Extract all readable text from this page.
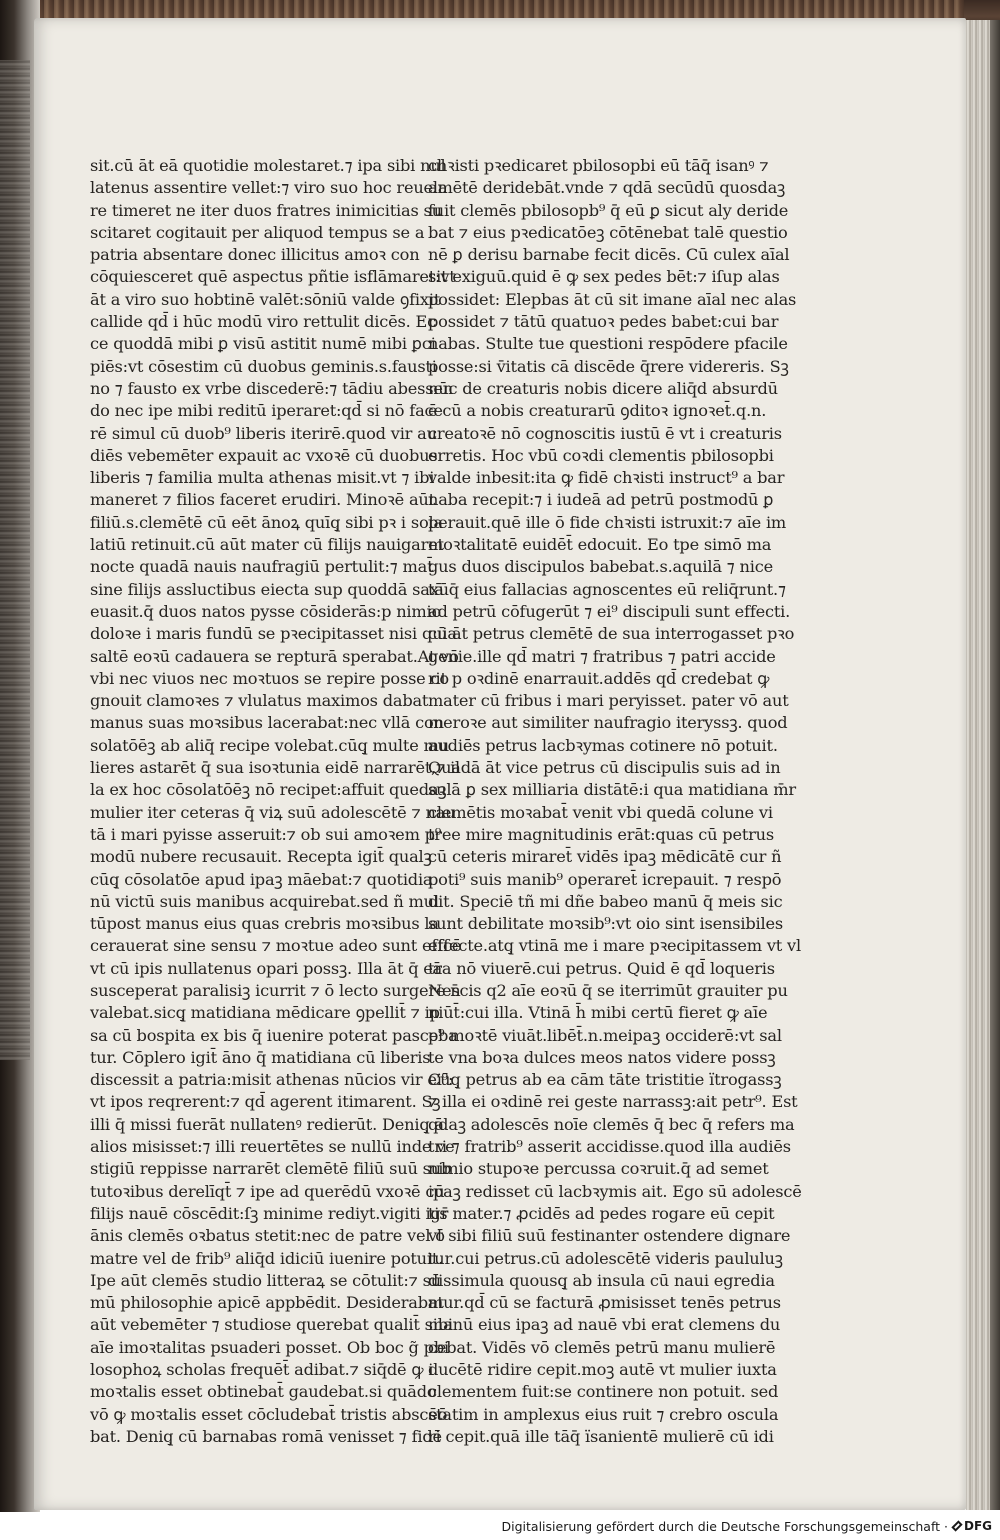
sit.cū āt eā quotidie molestaret.⁊ ipa sibi nul
latenus assentire vellet:⁊ viro suo hoc reuela
re timeret ne iter duos fratres inimicitias su
scitaret cogitauit per aliquod tempus se a
patria absentare donec illicitus amoꝛ con
cōquiesceret quē aspectus pñtie isflāmaret:vt
āt a viro suo hobtinē valēt:sōniū valde ꝯfixit
callide qd̄ i hūc modū viro rettulit dicēs. Ec
ce quoddā mibi ꝑ visū astitit numē mibi ꝑci
piēs:vt cōsestim cū duobus geminis.s.fausti
no ⁊ fausto ex vrbe discederē:⁊ tādiu abessen
do nec ipe mibi reditū iperaret:qd̄ si nō face
rē simul cū duob⁹ liberis iterirē.quod vir au
diēs vebemēter expauit ac vxoꝛē cū duobus
liberis ⁊ familia multa athenas misit.vt ⁊ ibi
maneret ⁊ filios faceret erudiri. Minoꝛē aūt
filiū.s.clemētē cū eēt ānoꝝ quīq̧ sibi pꝛ i sola
latiū retinuit.cū aūt mater cū filijs nauigaret
nocte quadā nauis naufragiū pertulit:⁊ mat̄
sine filijs assluctibus eiecta sup quoddā saxū
euasit.q̄ duos natos pysse cōsiderās:p nimio
doloꝛe i maris fundū se pꝛecipitasset nisi quia
saltē eoꝛū cadauera se repturā sperabat.At vō
vbi nec viuos nec moꝛtuos se repire posse co
gnouit clamoꝛes ⁊ vlulatus maximos dabat
manus suas moꝛsibus lacerabat:nec vllā con
solatōēꝫ ab aliq̄ recipe volebat.cūq̧ multe mu
lieres astarēt q̄ sua isoꝛtunia eidē narrarēt,⁊ il
la ex hoc cōsolatōēꝫ nō recipet:affuit quedaꝫ
mulier iter ceteras q̄ viꝝ suū adolescētē ⁊ nau
tā i mari pyisse asseruit:⁊ ob sui amoꝛem p⁹
modū nubere recusauit. Recepta igit̄ qualꝫ
cūq̧ cōsolatōe apud ipaꝫ māebat:⁊ quotidia
nū victū suis manibus acquirebat.sed ñ mul
tūpost manus eius quas crebris moꝛsibus la
cerauerat sine sensu ⁊ moꝛtue adeo sunt effcē
vt cū ipis nullatenus opari possꝫ. Illa āt q̄ eā
susceperat paralisiꝫ icurrit ⁊ ō lecto surgere n̄
valebat.sicq̧ matidiana mēdicare ꝯpellit̄ ⁊ ip
sa cū bospita ex bis q̄ iuenire poterat pasceba
tur. Cōplero igit̄ āno q̄ matidiana cū liberis
discessit a patria:misit athenas nūcios vir ei⁹:
vt ipos reqrerent:⁊ qd̄ agerent itimarent. Sꝫ
illi q̄ missi fuerāt nullatenꝰ redierūt. Deniq̧ ā
alios misisset:⁊ illi reuertētes se nullū inde ve
stigiū reppisse narrarēt clemētē filiū suū sub
tutoꝛibus derelīqt̄ ⁊ ipe ad querēdū vxoꝛē cū
filijs nauē cōscēdit:ſꝫ minime rediyt.vigiti igr̄
ānis clemēs oꝛbatus stetit:nec de patre vel ō
matre vel de frib⁹ aliq̄d idiciū iuenire potuit.
Ipe aūt clemēs studio litteraꝝ se cōtulit:⁊ sū
mū philosophie apicē appbēdit. Desiderabat
aūt vebemēter ⁊ studiose querebat qualit̄ sibi
aīe imoꝛtalitas psuaderi posset. Ob boc g̃ pbi
losophoꝝ scholas frequēt̄ adibat.⁊ siq̄dē ꝙ i
moꝛtalis esset obtinebat̄ gaudebat.si quādo
vō ꝙ moꝛtalis esset cōcludebat̄ tristis abscēō
bat. Deniq̧ cū barnabas romā venisset ⁊ fidē
chꝛisti pꝛedicaret pbilosopbi eū tāq̄ isanꝰ ⁊
amētē deridebāt.vnde ⁊ qdā secūdū quosdaꝫ
fuit clemēs pbilosopb⁹ q̄ eū ꝑ sicut aly deride
bat ⁊ eius pꝛedicatōeꝫ cōtēnebat talē questio
nē ꝑ derisu barnabe fecit dicēs. Cū culex aīal
sit exiguū.quid ē ꝙ sex pedes bēt:⁊ iſup alas
possidet: Elepbas āt cū sit imane aīal nec alas
possidet ⁊ tātū quatuoꝛ pedes babet:cui bar
nabas. Stulte tue questioni respōdere pfacile
posse:si v̄itatis cā discēde q̄rere videreris. Sꝫ
nūc de creaturis nobis dicere aliq̄d absurdū
ē cū a nobis creaturarū ꝯditoꝛ ignoꝛet̄.q.n.
creatoꝛē nō cognoscitis iustū ē vt i creaturis
erretis. Hoc vbū coꝛdi clementis pbilosopbi
valde inbesit:ita ꝙ fidē chꝛisti instruct⁹ a bar
naba recepit:⁊ i iudeā ad petrū postmodū ꝑ
perauit.quē ille ō fide chꝛisti istruxit:⁊ aīe im
moꝛtalitatē euidēt̄ edocuit. Eo tpe simō ma
gus duos discipulos babebat.s.aquilā ⁊ nice
tā q̄ eius fallacias agnoscentes eū reliq̄runt.⁊
ad petrū cōfugerūt ⁊ ei⁹ discipuli sunt effecti.
cū āt petrus clemētē de sua interrogasset pꝛo
genie.ille qd̄ matri ⁊ fratribus ⁊ patri accide
rit p oꝛdinē enarrauit.addēs qd̄ credebat ꝙ
mater cū fribus i mari peryisset. pater vō aut
meroꝛe aut similiter naufragio iteryssꝫ. quod
audiēs petrus lacbꝛymas cotinere nō potuit.
Quadā āt vice petrus cū discipulis suis ad in
sulā ꝑ sex milliaria distātē:i qua matidiana m̄r
clemētis moꝛabat̄ venit vbi quedā colune vi
tree mire magnitudinis erāt:quas cū petrus
cū ceteris miraret̄ vidēs ipaꝫ mēdicātē cur ñ
poti⁹ suis manib⁹ operaret̄ icrepauit. ⁊ respō
dit. Speciē tñ mi dñe babeo manū q̄ meis sic
sunt debilitate moꝛsib⁹:vt oio sint isensibiles
effecte.atq̧ vtinā me i mare pꝛecipitassem vt vl
tra nō viuerē.cui petrus. Quid ē qd̄ loqueris
Nescis q2 aīe eoꝛū q̄ se iterrimūt grauiter pu
niūt̄:cui illa. Vtinā h̄ mibi certū fieret ꝙ aīe
p⁹ moꝛtē viuāt.libēt̄.n.meipaꝫ occiderē:vt sal
te vna boꝛa dulces meos natos videre possꝫ
Cūq̧ petrus ab ea cām tāte tristitie ïtrogassꝫ
⁊ illa ei oꝛdinē rei geste narrassꝫ:ait petr⁹. Est
qdaꝫ adolescēs noīe clemēs q̄ bec q̄ refers ma
tri ⁊ fratrib⁹ asserit accidisse.quod illa audiēs
nimio stupoꝛe percussa coꝛruit.q̄ ad semet
ipaꝫ redisset cū lacbꝛymis ait. Ego sū adolescē
tis mater.⁊ ꝓcidēs ad pedes rogare eū cepit
vt sibi filiū suū festinanter ostendere dignare
tur.cui petrus.cū adolescētē videris paululuꝫ
dissimula quousq̧ ab insula cū naui egredia
mur.qd̄ cū se facturā ꝓmisisset tenēs petrus
manū eius ipaꝫ ad nauē vbi erat clemens du
cebat. Vidēs vō clemēs petrū manu mulierē
ducētē ridire cepit.moꝫ autē vt mulier iuxta
clementem fuit:se continere non potuit. sed
statim in amplexus eius ruit ⁊ crebro oscula
ri cepit.quā ille tāq̄ ïsanientē mulierē cū idi
Digitalisierung gefördert durch die Deutsche Forschungsgemeinschaft · DFG
